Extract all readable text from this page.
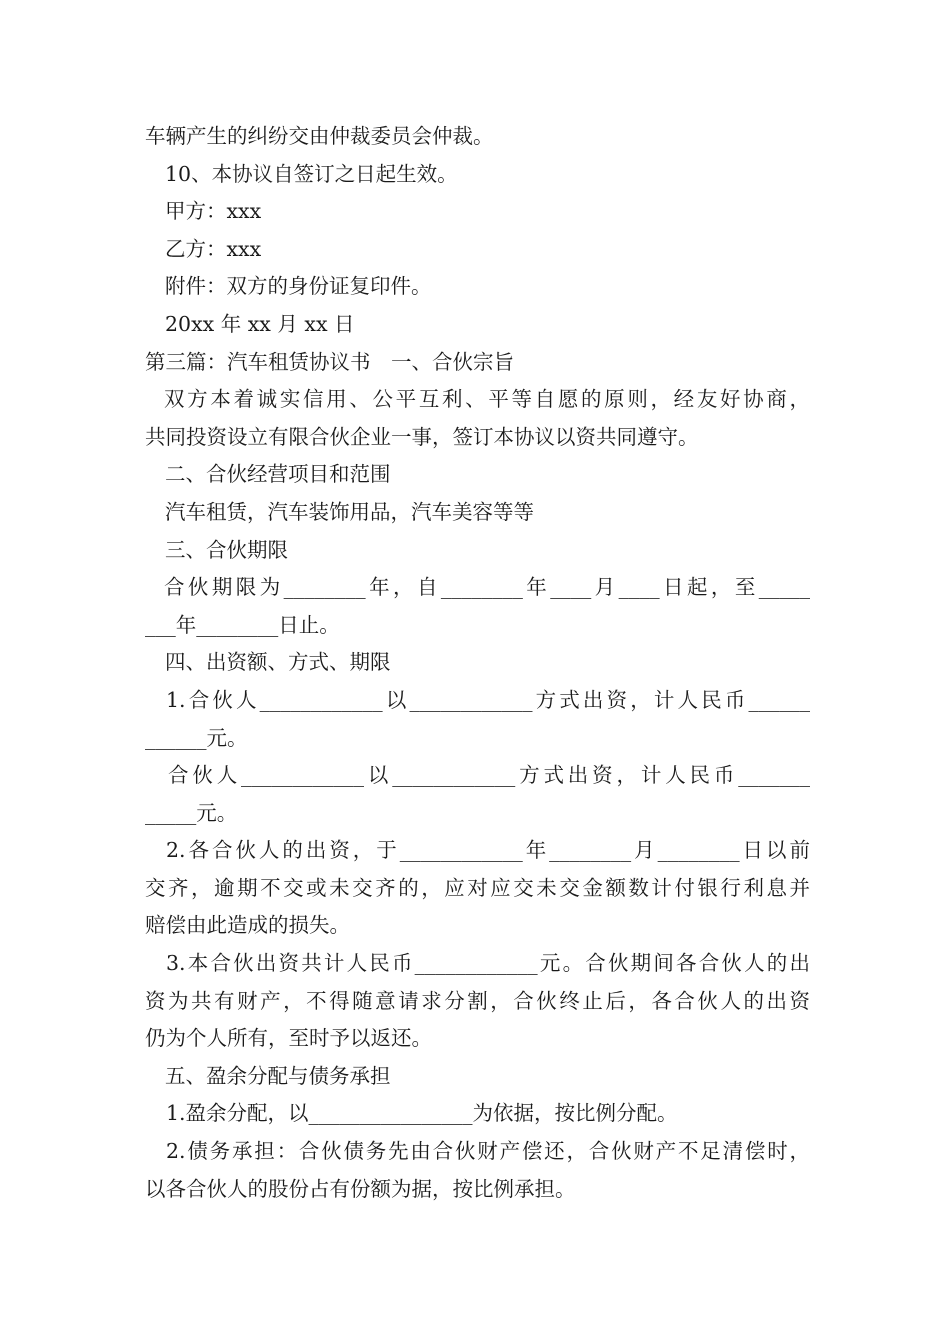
车辆产生的纠纷交由仲裁委员会仲裁。
10、本协议自签订之日起生效。
甲方：xxx
乙方：xxx
附件：双方的身份证复印件。
20xx 年 xx 月 xx 日
第三篇：汽车租赁协议书　一、合伙宗旨
双方本着诚实信用、公平互利、平等自愿的原则，经友好协商，
共同投资设立有限合伙企业一事，签订本协议以资共同遵守。
二、合伙经营项目和范围
汽车租赁，汽车装饰用品，汽车美容等等
三、合伙期限
合伙期限为________年，自________年____月____日起，至_____
___年________日止。
四、出资额、方式、期限
1.合伙人____________以____________方式出资，计人民币______
______元。
合伙人____________以____________方式出资，计人民币_______
_____元。
2.各合伙人的出资，于____________年________月________日以前
交齐，逾期不交或未交齐的，应对应交未交金额数计付银行利息并
赔偿由此造成的损失。
3.本合伙出资共计人民币____________元。合伙期间各合伙人的出
资为共有财产，不得随意请求分割，合伙终止后，各合伙人的出资
仍为个人所有，至时予以返还。
五、盈余分配与债务承担
1.盈余分配，以________________为依据，按比例分配。
2.债务承担：合伙债务先由合伙财产偿还，合伙财产不足清偿时，
以各合伙人的股份占有份额为据，按比例承担。
